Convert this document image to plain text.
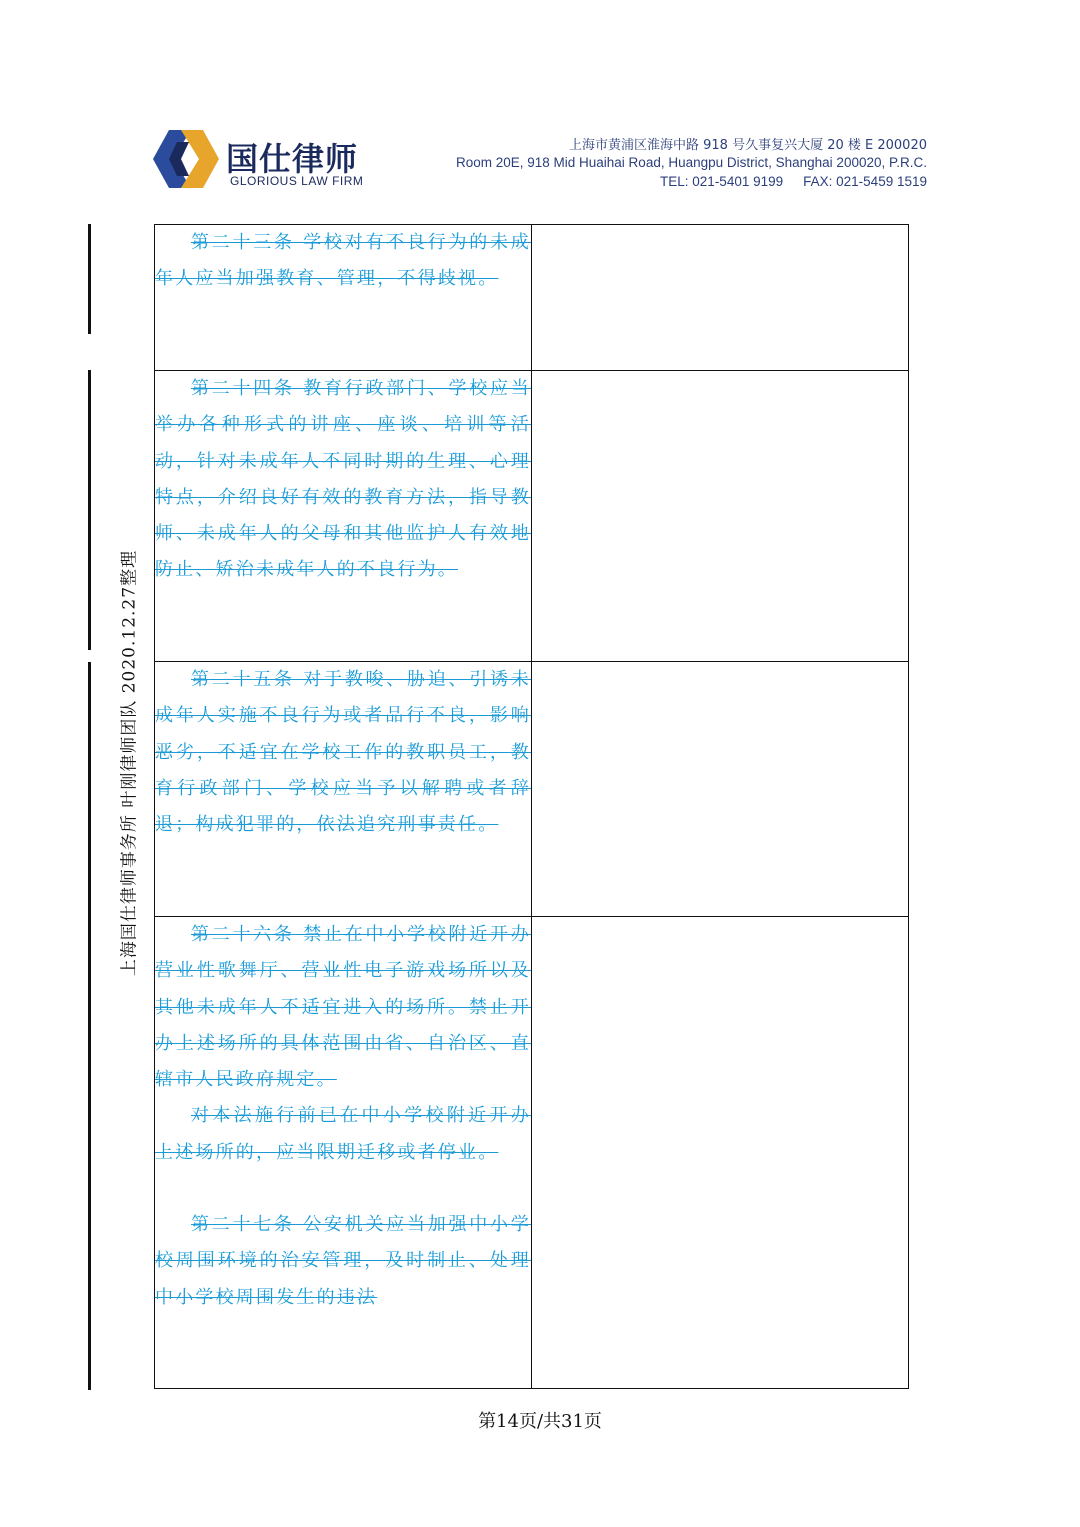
国仕律师
GLORIOUS LAW FIRM
上海市黄浦区淮海中路 918 号久事复兴大厦 20 楼 E 200020
Room 20E, 918 Mid Huaihai Road, Huangpu District, Shanghai 200020, P.R.C.
TEL: 021-5401 9199 FAX: 021-5459 1519
上海国仕律师事务所 叶刚律师团队 2020.12.27整理

第二十三条 学校对有不良行为的未成年人应当加强教育、管理，不得歧视。	

第二十四条 教育行政部门、学校应当举办各种形式的讲座、座谈、培训等活动，针对未成年人不同时期的生理、心理特点，介绍良好有效的教育方法，指导教师、未成年人的父母和其他监护人有效地防止、矫治未成年人的不良行为。	

第二十五条 对于教唆、胁迫、引诱未成年人实施不良行为或者品行不良，影响恶劣，不适宜在学校工作的教职员工，教育行政部门、学校应当予以解聘或者辞退；构成犯罪的，依法追究刑事责任。	

第二十六条 禁止在中小学校附近开办营业性歌舞厅、营业性电子游戏场所以及其他未成年人不适宜进入的场所。禁止开办上述场所的具体范围由省、自治区、直辖市人民政府规定。

对本法施行前已在中小学校附近开办上述场所的，应当限期迁移或者停业。

第二十七条 公安机关应当加强中小学校周围环境的治安管理，及时制止、处理中小学校周围发生的违法	

第14页/共31页
